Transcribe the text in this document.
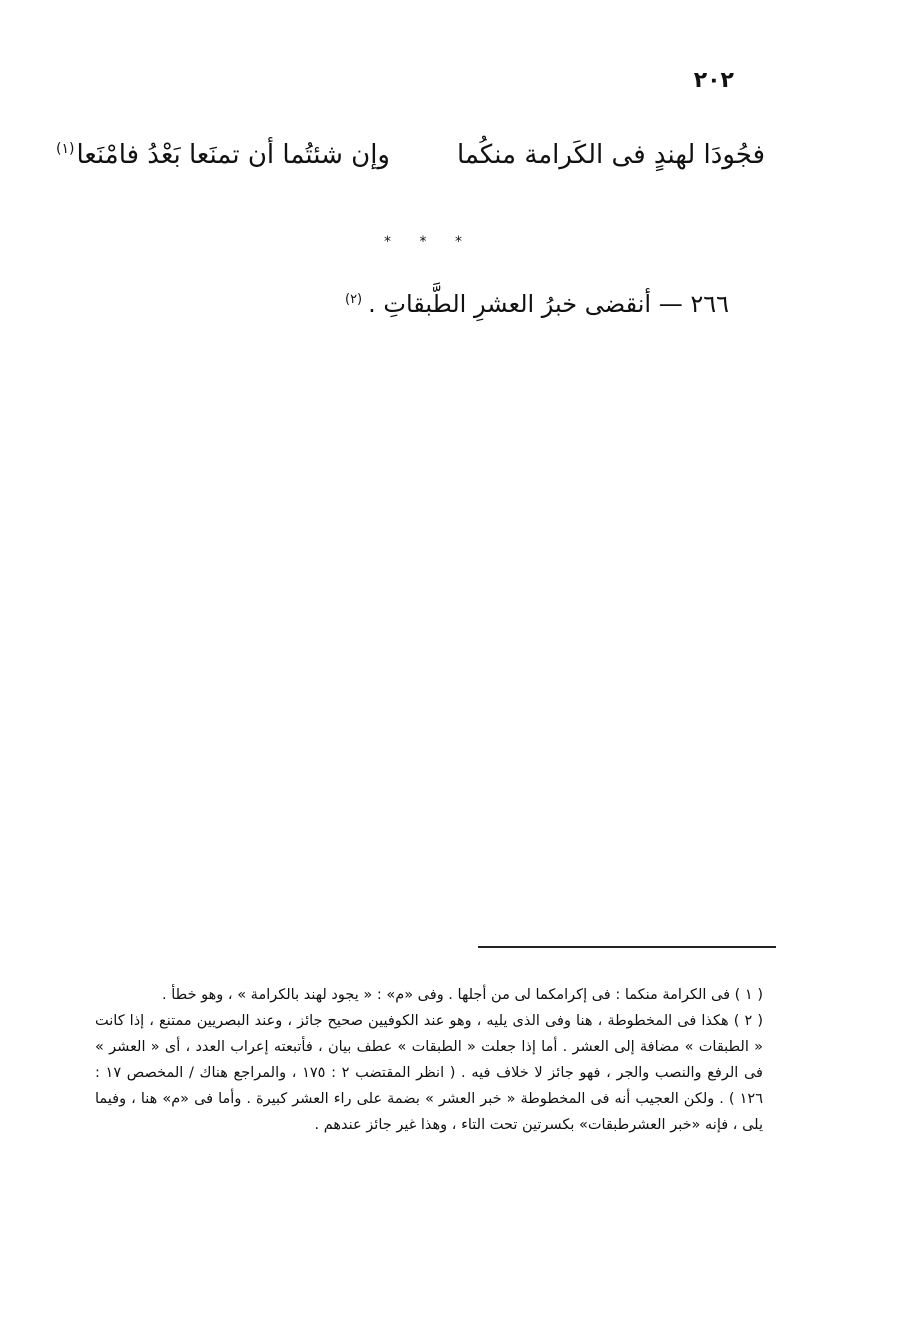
٢٠٢
وإن شئتُما أن تمنَعا بَعْدُ فامْنَعا$^{(١)}$	فجُودَا لهندٍ فى الكَرامة منكُما
* * *
٢٦٦ — أنقضى خبرُ العشرِ الطَّبقاتِ .$^{(٢)}$

( ١ ) فى الكرامة منكما : فى إكرامكما لى من أجلها . وفى «م» : « يجود لهند بالكرامة » ، وهو خطأ .

( ٢ ) هكذا فى المخطوطة ، هنا وفى الذى يليه ، وهو عند الكوفيين صحيح جائز ، وعند البصريين ممتنع ، إذا كانت « الطبقات » مضافة إلى العشر . أما إذا جعلت « الطبقات » عطف بيان ، فأتبعته إعراب العدد ، أى « العشر » فى الرفع والنصب والجر ، فهو جائز لا خلاف فيه . ( انظر المقتضب ٢ : ١٧٥ ، والمراجع هناك / المخصص ١٧ : ١٢٦ ) . ولكن العجيب أنه فى المخطوطة « خبر العشر » بضمة على راء العشر كبيرة . وأما فى «م» هنا ، وفيما يلى ، فإنه «خبر العشرطبقات» بكسرتين تحت التاء ، وهذا غير جائز عندهم .
